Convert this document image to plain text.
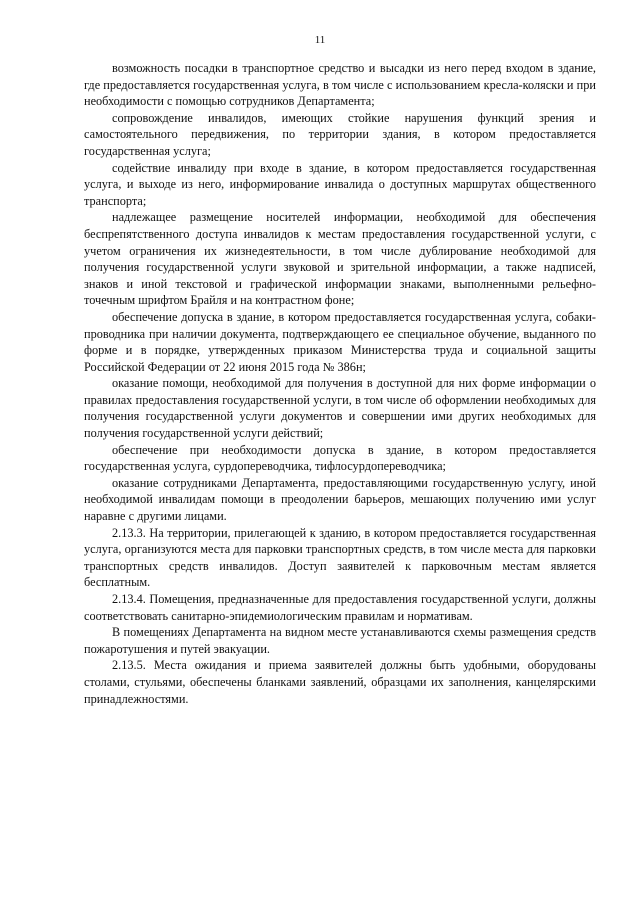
11

возможность посадки в транспортное средство и высадки из него перед входом в здание, где предоставляется государственная услуга, в том числе с использованием кресла-коляски и при необходимости с помощью сотрудников Департамента;

сопровождение инвалидов, имеющих стойкие нарушения функций зрения и самостоятельного передвижения, по территории здания, в котором предоставляется государственная услуга;

содействие инвалиду при входе в здание, в котором предоставляется государственная услуга, и выходе из него, информирование инвалида о доступных маршрутах общественного транспорта;

надлежащее размещение носителей информации, необходимой для обеспечения беспрепятственного доступа инвалидов к местам предоставления государственной услуги, с учетом ограничения их жизнедеятельности, в том числе дублирование необходимой для получения государственной услуги звуковой и зрительной информации, а также надписей, знаков и иной текстовой и графической информации знаками, выполненными рельефно-точечным шрифтом Брайля и на контрастном фоне;

обеспечение допуска в здание, в котором предоставляется государственная услуга, собаки-проводника при наличии документа, подтверждающего ее специальное обучение, выданного по форме и в порядке, утвержденных приказом Министерства труда и социальной защиты Российской Федерации от 22 июня 2015 года № 386н;

оказание помощи, необходимой для получения в доступной для них форме информации о правилах предоставления государственной услуги, в том числе об оформлении необходимых для получения государственной услуги документов и совершении ими других необходимых для получения государственной услуги действий;

обеспечение при необходимости допуска в здание, в котором предоставляется государственная услуга, сурдопереводчика, тифлосурдопереводчика;

оказание сотрудниками Департамента, предоставляющими государственную услугу, иной необходимой инвалидам помощи в преодолении барьеров, мешающих получению ими услуг наравне с другими лицами.

2.13.3. На территории, прилегающей к зданию, в котором предоставляется государственная услуга, организуются места для парковки транспортных средств, в том числе места для парковки транспортных средств инвалидов. Доступ заявителей к парковочным местам является бесплатным.

2.13.4. Помещения, предназначенные для предоставления государственной услуги, должны соответствовать санитарно-эпидемиологическим правилам и нормативам.

В помещениях Департамента на видном месте устанавливаются схемы размещения средств пожаротушения и путей эвакуации.

2.13.5. Места ожидания и приема заявителей должны быть удобными, оборудованы столами, стульями, обеспечены бланками заявлений, образцами их заполнения, канцелярскими принадлежностями.
